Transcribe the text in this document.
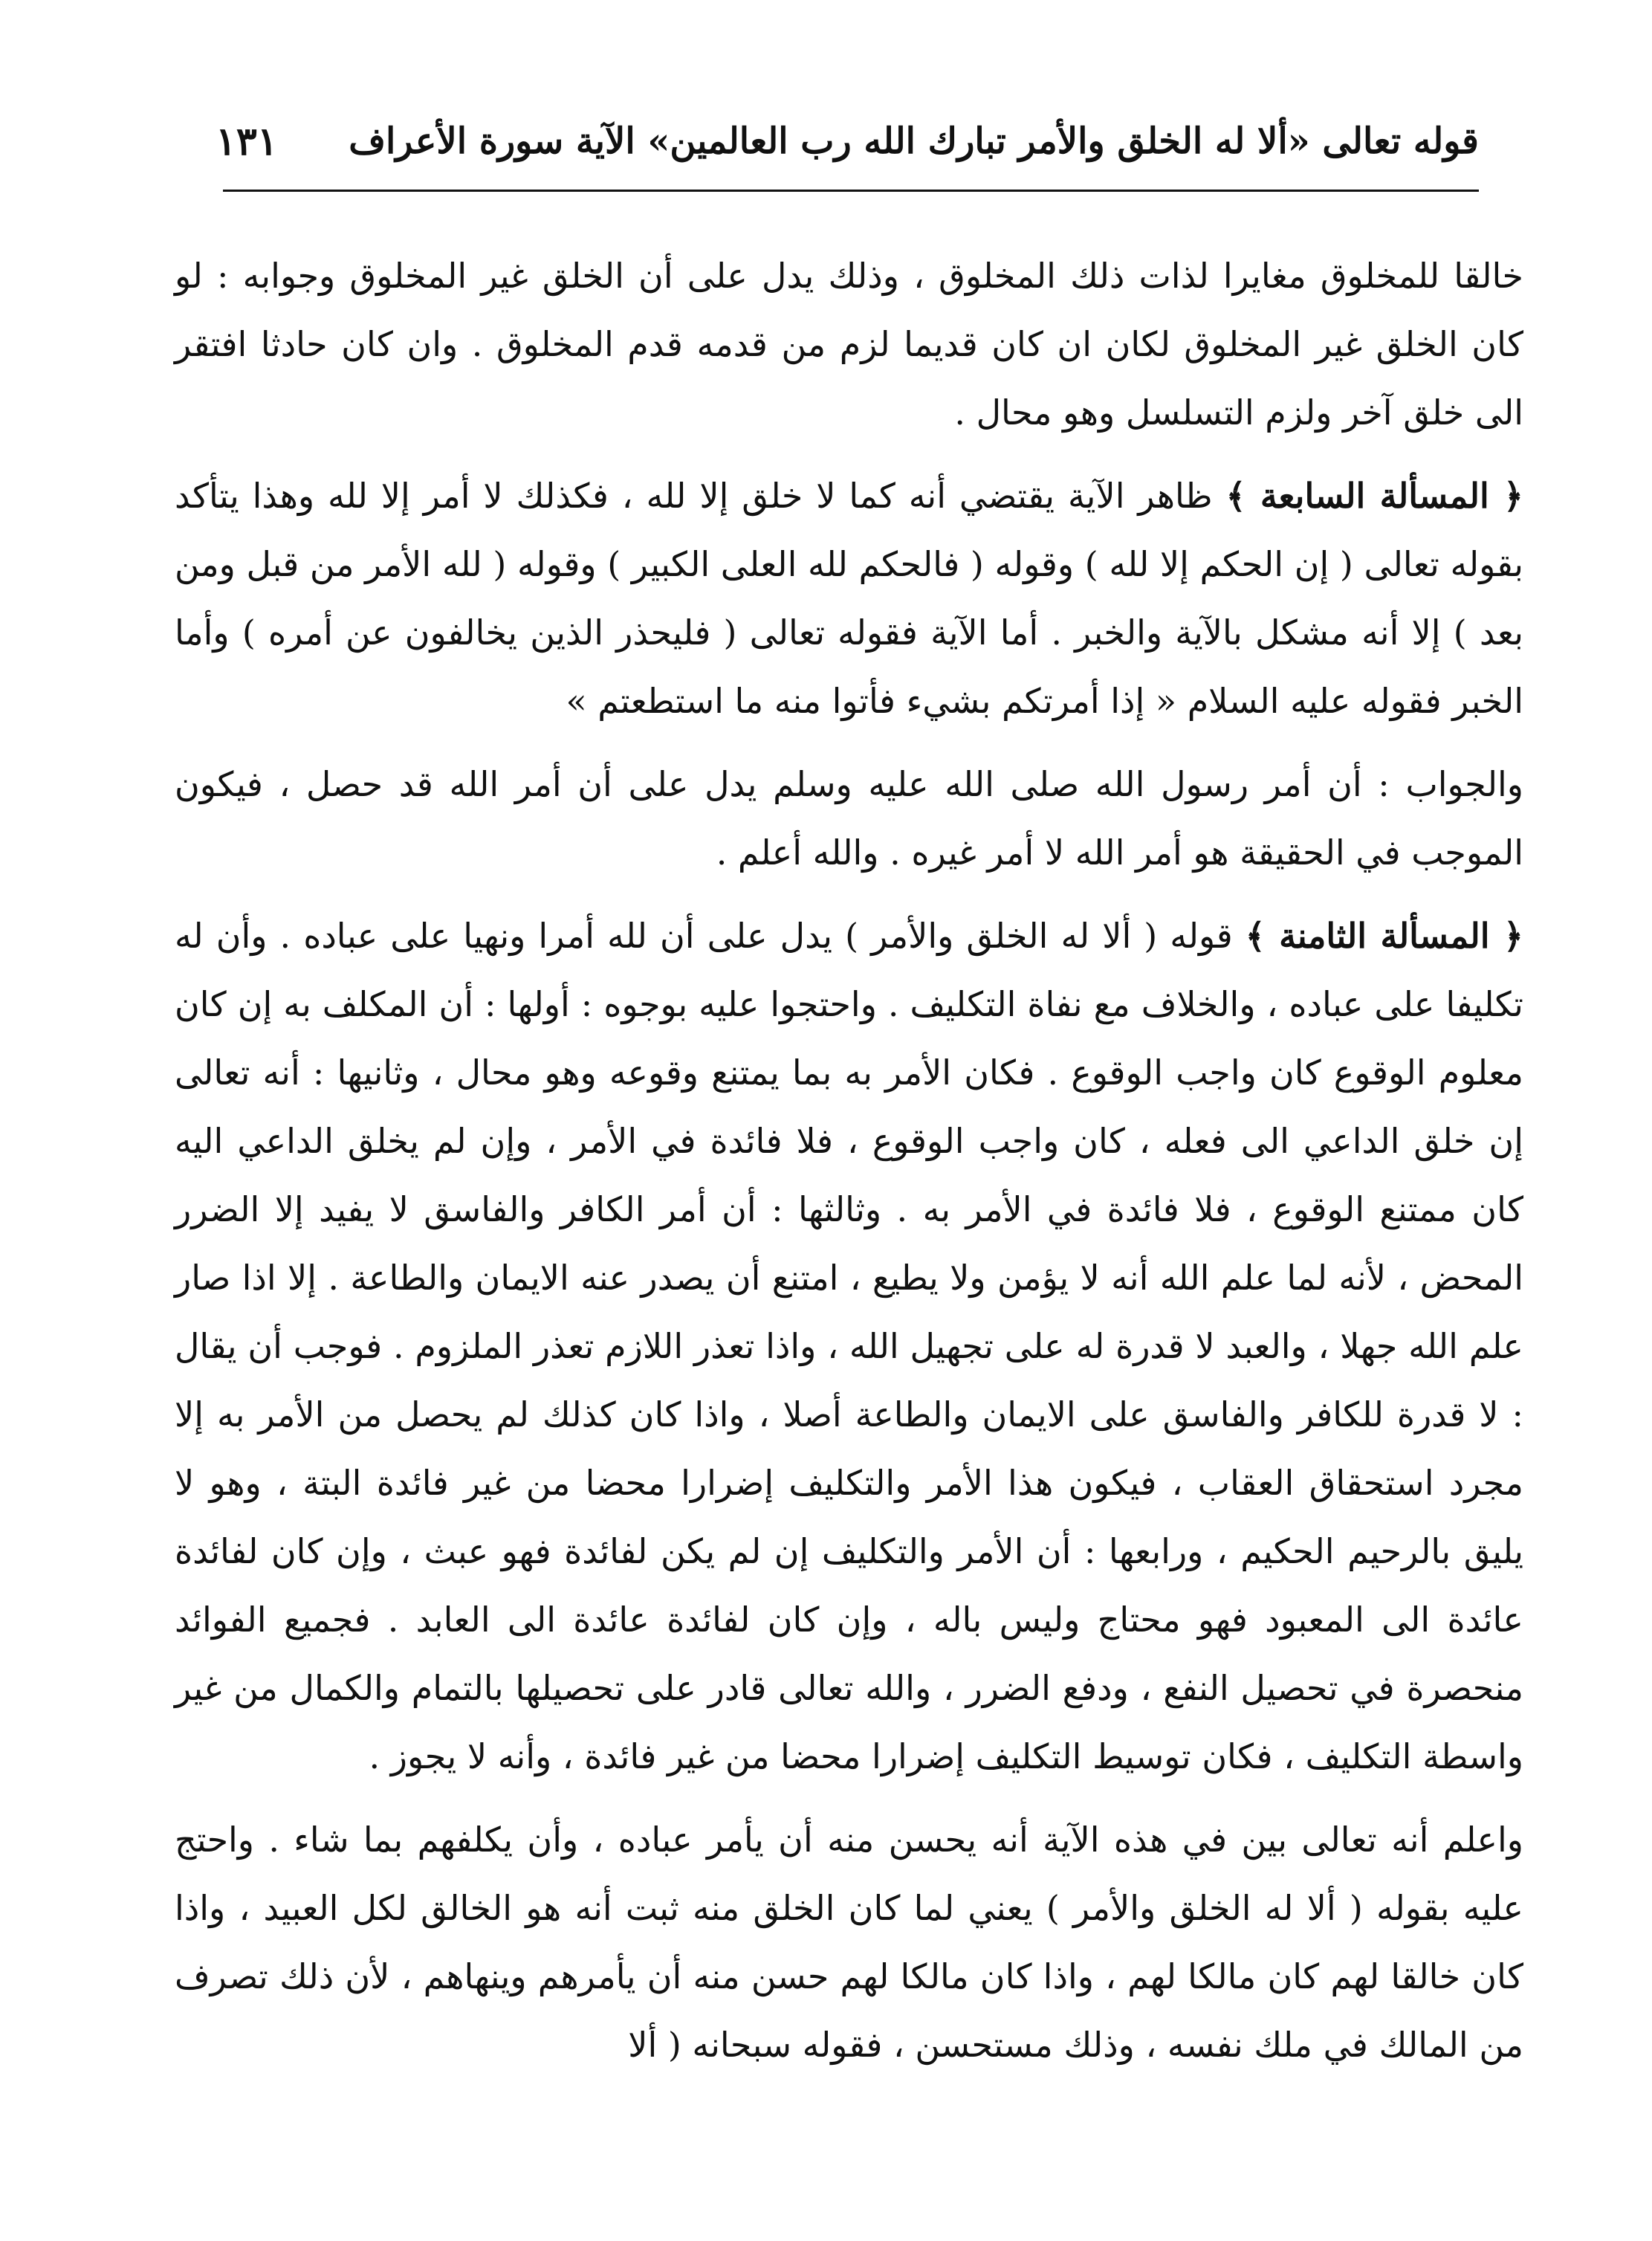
قوله تعالى «ألا له الخلق والأمر تبارك الله رب العالمين» الآية سورة الأعراف
١٣١

خالقا للمخلوق مغايرا لذات ذلك المخلوق ، وذلك يدل على أن الخلق غير المخلوق وجوابه : لو كان الخلق غير المخلوق لكان ان كان قديما لزم من قدمه قدم المخلوق . وان كان حادثا افتقر الى خلق آخر ولزم التسلسل وهو محال .

﴿ المسألة السابعة ﴾ ظاهر الآية يقتضي أنه كما لا خلق إلا لله ، فكذلك لا أمر إلا لله وهذا يتأكد بقوله تعالى ( إن الحكم إلا لله ) وقوله ( فالحكم لله العلى الكبير ) وقوله ( لله الأمر من قبل ومن بعد ) إلا أنه مشكل بالآية والخبر . أما الآية فقوله تعالى ( فليحذر الذين يخالفون عن أمره ) وأما الخبر فقوله عليه السلام « إذا أمرتكم بشيء فأتوا منه ما استطعتم »

والجواب : أن أمر رسول الله صلى الله عليه وسلم يدل على أن أمر الله قد حصل ، فيكون الموجب في الحقيقة هو أمر الله لا أمر غيره . والله أعلم .

﴿ المسألة الثامنة ﴾ قوله ( ألا له الخلق والأمر ) يدل على أن لله أمرا ونهيا على عباده . وأن له تكليفا على عباده ، والخلاف مع نفاة التكليف . واحتجوا عليه بوجوه : أولها : أن المكلف به إن كان معلوم الوقوع كان واجب الوقوع . فكان الأمر به بما يمتنع وقوعه وهو محال ، وثانيها : أنه تعالى إن خلق الداعي الى فعله ، كان واجب الوقوع ، فلا فائدة في الأمر ، وإن لم يخلق الداعي اليه كان ممتنع الوقوع ، فلا فائدة في الأمر به . وثالثها : أن أمر الكافر والفاسق لا يفيد إلا الضرر المحض ، لأنه لما علم الله أنه لا يؤمن ولا يطيع ، امتنع أن يصدر عنه الايمان والطاعة . إلا اذا صار علم الله جهلا ، والعبد لا قدرة له على تجهيل الله ، واذا تعذر اللازم تعذر الملزوم . فوجب أن يقال : لا قدرة للكافر والفاسق على الايمان والطاعة أصلا ، واذا كان كذلك لم يحصل من الأمر به إلا مجرد استحقاق العقاب ، فيكون هذا الأمر والتكليف إضرارا محضا من غير فائدة البتة ، وهو لا يليق بالرحيم الحكيم ، ورابعها : أن الأمر والتكليف إن لم يكن لفائدة فهو عبث ، وإن كان لفائدة عائدة الى المعبود فهو محتاج وليس باله ، وإن كان لفائدة عائدة الى العابد . فجميع الفوائد منحصرة في تحصيل النفع ، ودفع الضرر ، والله تعالى قادر على تحصيلها بالتمام والكمال من غير واسطة التكليف ، فكان توسيط التكليف إضرارا محضا من غير فائدة ، وأنه لا يجوز .

واعلم أنه تعالى بين في هذه الآية أنه يحسن منه أن يأمر عباده ، وأن يكلفهم بما شاء . واحتج عليه بقوله ( ألا له الخلق والأمر ) يعني لما كان الخلق منه ثبت أنه هو الخالق لكل العبيد ، واذا كان خالقا لهم كان مالكا لهم ، واذا كان مالكا لهم حسن منه أن يأمرهم وينهاهم ، لأن ذلك تصرف من المالك في ملك نفسه ، وذلك مستحسن ، فقوله سبحانه ( ألا
